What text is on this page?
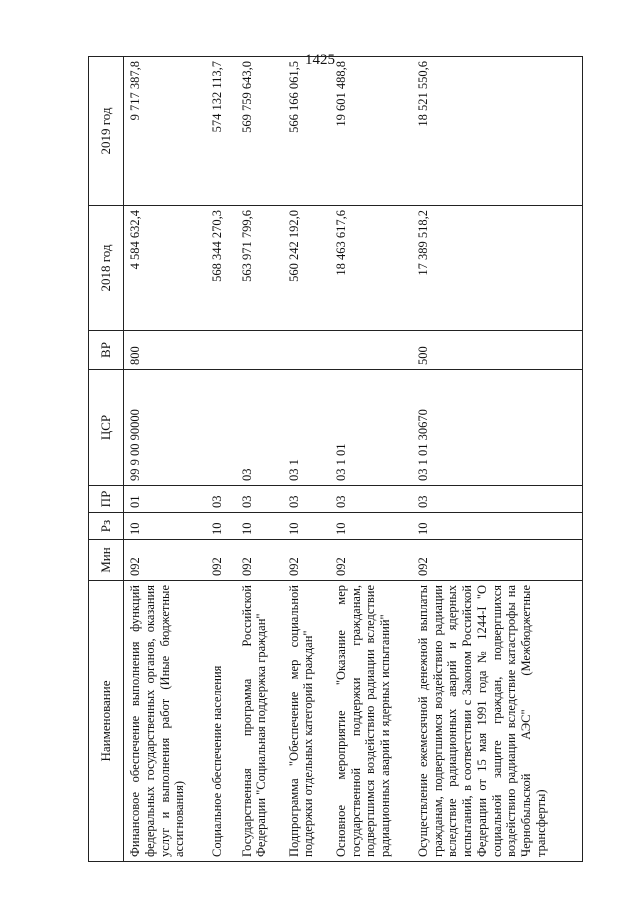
1425
Наименование	Мин	Рз	ПР	ЦСР	ВР	2018 год	2019 год
Финансовое обеспечение выполнения функций федеральных государственных органов, оказания услуг и выполнения работ (Иные бюджетные ассигнования)	092	10	01	99 9 00 90000	800	4 584 632,4	9 717 387,8
Социальное обеспечение населения	092	10	03			568 344 270,3	574 132 113,7
Государственная программа Российской Федерации "Социальная поддержка граждан"	092	10	03	03		563 971 799,6	569 759 643,0
Подпрограмма "Обеспечение мер социальной поддержки отдельных категорий граждан"	092	10	03	03 1		560 242 192,0	566 166 061,5
Основное мероприятие "Оказание мер государственной поддержки гражданам, подвергшимся воздействию радиации вследствие радиационных аварий и ядерных испытаний"	092	10	03	03 1 01		18 463 617,6	19 601 488,8
Осуществление ежемесячной денежной выплаты гражданам, подвергшимся воздействию радиации вследствие радиационных аварий и ядерных испытаний, в соответствии с Законом Российской Федерации от 15 мая 1991 года № 1244-I "О социальной защите граждан, подвергшихся воздействию радиации вследствие катастрофы на Чернобыльской АЭС" (Межбюджетные трансферты)	092	10	03	03 1 01 30670	500	17 389 518,2	18 521 550,6
